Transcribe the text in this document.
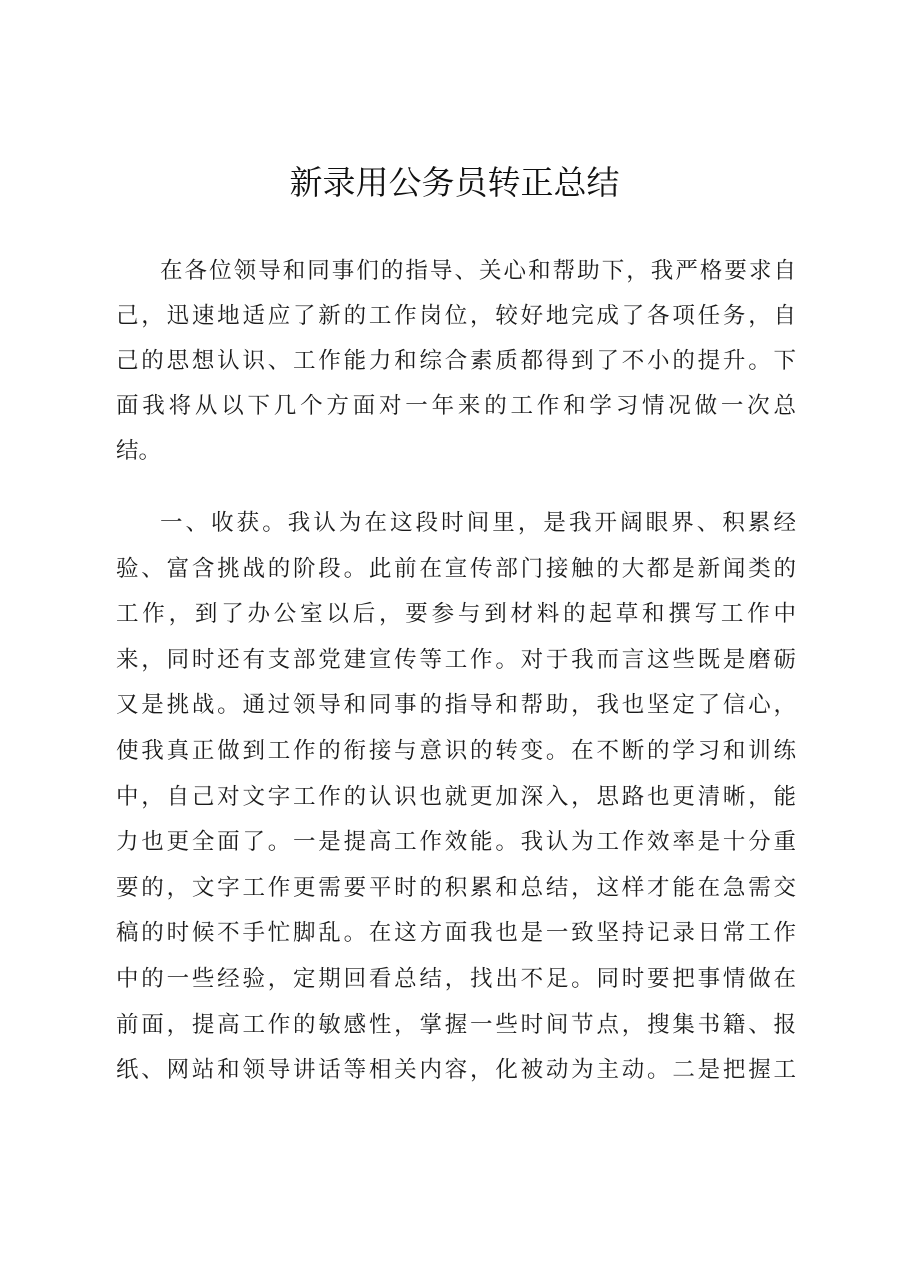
新录用公务员转正总结
在各位领导和同事们的指导、关心和帮助下，我严格要求自
己，迅速地适应了新的工作岗位，较好地完成了各项任务，自
己的思想认识、工作能力和综合素质都得到了不小的提升。下
面我将从以下几个方面对一年来的工作和学习情况做一次总
结。
一、收获。我认为在这段时间里，是我开阔眼界、积累经
验、富含挑战的阶段。此前在宣传部门接触的大都是新闻类的
工作，到了办公室以后，要参与到材料的起草和撰写工作中
来，同时还有支部党建宣传等工作。对于我而言这些既是磨砺
又是挑战。通过领导和同事的指导和帮助，我也坚定了信心，
使我真正做到工作的衔接与意识的转变。在不断的学习和训练
中，自己对文字工作的认识也就更加深入，思路也更清晰，能
力也更全面了。一是提高工作效能。我认为工作效率是十分重
要的，文字工作更需要平时的积累和总结，这样才能在急需交
稿的时候不手忙脚乱。在这方面我也是一致坚持记录日常工作
中的一些经验，定期回看总结，找出不足。同时要把事情做在
前面，提高工作的敏感性，掌握一些时间节点，搜集书籍、报
纸、网站和领导讲话等相关内容，化被动为主动。二是把握工
